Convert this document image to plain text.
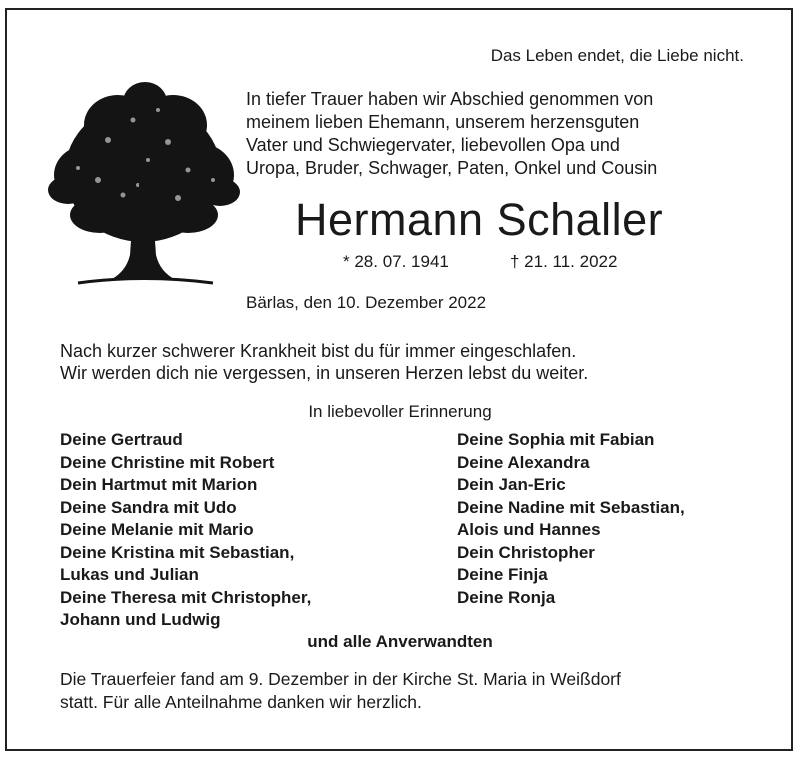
Das Leben endet, die Liebe nicht.
In tiefer Trauer haben wir Abschied genommen von
meinem lieben Ehemann, unserem herzensguten
Vater und Schwiegervater, liebevollen Opa und
Uropa, Bruder, Schwager, Paten, Onkel und Cousin
Hermann Schaller
* 28. 07. 1941	† 21. 11. 2022
Bärlas, den 10. Dezember 2022
Nach kurzer schwerer Krankheit bist du für immer eingeschlafen.
Wir werden dich nie vergessen, in unseren Herzen lebst du weiter.
In liebevoller Erinnerung
Deine Gertraud
Deine Christine mit Robert
Dein Hartmut mit Marion
Deine Sandra mit Udo
Deine Melanie mit Mario
Deine Kristina mit Sebastian,
Lukas und Julian
Deine Theresa mit Christopher,
Johann und Ludwig
Deine Sophia mit Fabian
Deine Alexandra
Dein Jan-Eric
Deine Nadine mit Sebastian,
Alois und Hannes
Dein Christopher
Deine Finja
Deine Ronja
und alle Anverwandten
Die Trauerfeier fand am 9. Dezember in der Kirche St. Maria in Weißdorf
statt. Für alle Anteilnahme danken wir herzlich.
